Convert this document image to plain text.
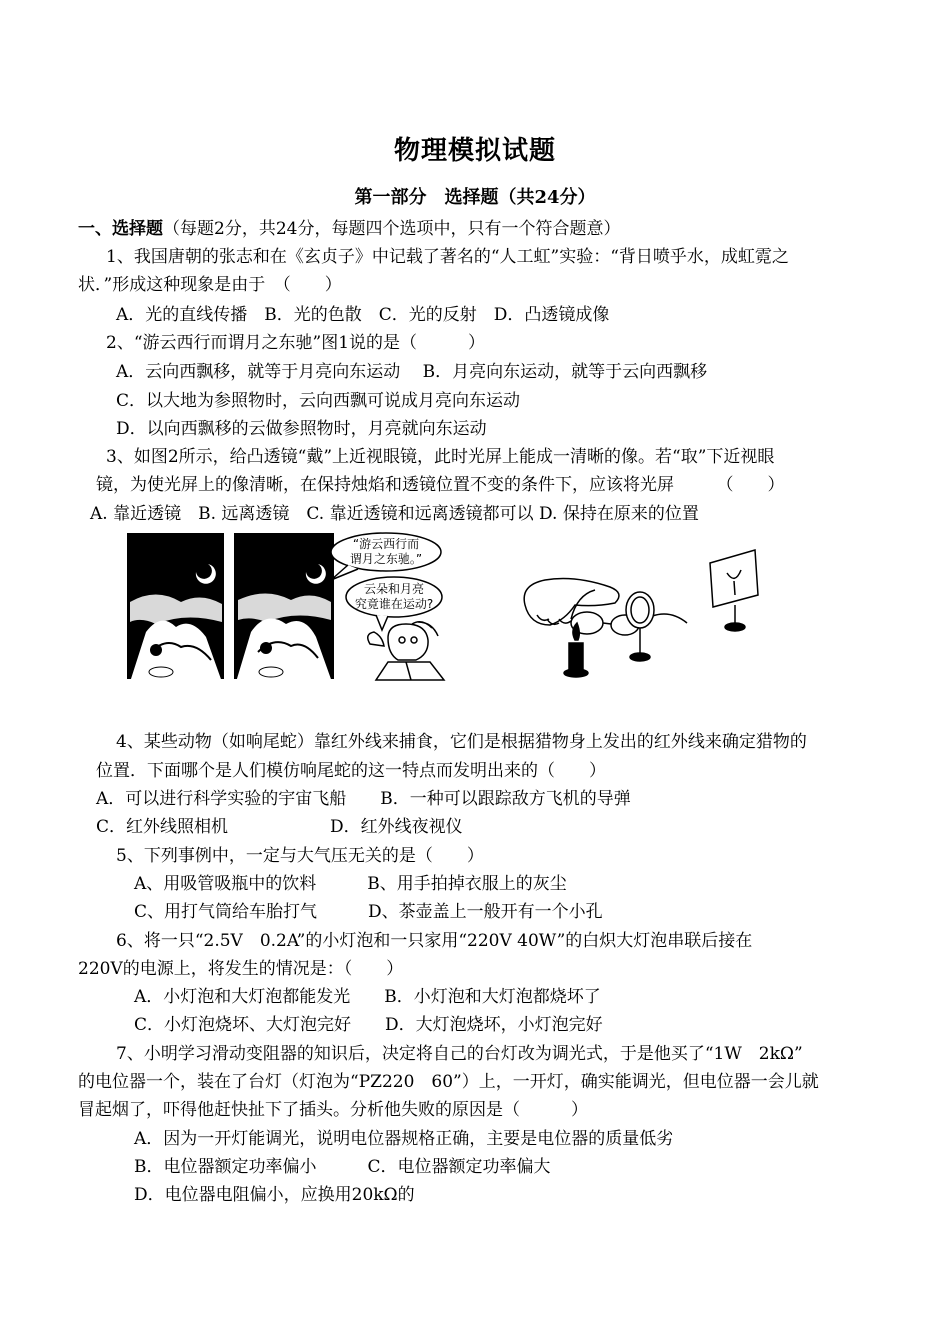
物理模拟试题
第一部分　选择题（共24分）
一、选择题（每题2分，共24分，每题四个选项中，只有一个符合题意）
1、我国唐朝的张志和在《玄贞子》中记载了著名的“人工虹”实验：“背日喷乎水，成虹霓之
状．”形成这种现象是由于　（　　）
A．光的直线传播　B．光的色散　C．光的反射　D．凸透镜成像
2、“游云西行而谓月之东驰”图1说的是（　　　）
A．云向西飘移，就等于月亮向东运动　 B．月亮向东运动，就等于云向西飘移
C．以大地为参照物时，云向西飘可说成月亮向东运动
D．以向西飘移的云做参照物时，月亮就向东运动
3、如图2所示，给凸透镜“戴”上近视眼镜，此时光屏上能成一清晰的像。若“取”下近视眼
镜，为使光屏上的像清晰，在保持烛焰和透镜位置不变的条件下，应该将光屏　　　（　　）
A. 靠近透镜　B. 远离透镜　C. 靠近透镜和远离透镜都可以 D. 保持在原来的位置
“游云西行而
谓月之东驰。”
云朵和月亮
究竟谁在运动?
4、某些动物（如响尾蛇）靠红外线来捕食，它们是根据猎物身上发出的红外线来确定猎物的
位置．下面哪个是人们模仿响尾蛇的这一特点而发明出来的（　　）
A．可以进行科学实验的宇宙飞船　　B．一种可以跟踪敌方飞机的导弹
C．红外线照相机　　　　　　D．红外线夜视仪
5、下列事例中，一定与大气压无关的是（　　）
A、用吸管吸瓶中的饮料　　　B、用手拍掉衣服上的灰尘
C、用打气筒给车胎打气　　　D、茶壶盖上一般开有一个小孔
6、将一只“2.5V　0.2A”的小灯泡和一只家用“220V 40W”的白炽大灯泡串联后接在
220V的电源上，将发生的情况是：（　　）
A．小灯泡和大灯泡都能发光　　B．小灯泡和大灯泡都烧坏了
C．小灯泡烧坏、大灯泡完好　　D．大灯泡烧坏，小灯泡完好
7、小明学习滑动变阻器的知识后，决定将自己的台灯改为调光式，于是他买了“1W　2kΩ”
的电位器一个，装在了台灯（灯泡为“PZ220　60”）上，一开灯，确实能调光，但电位器一会儿就
冒起烟了，吓得他赶快扯下了插头。分析他失败的原因是（　　　）
A．因为一开灯能调光，说明电位器规格正确，主要是电位器的质量低劣
B．电位器额定功率偏小　　　C．电位器额定功率偏大
D．电位器电阻偏小，应换用20kΩ的
